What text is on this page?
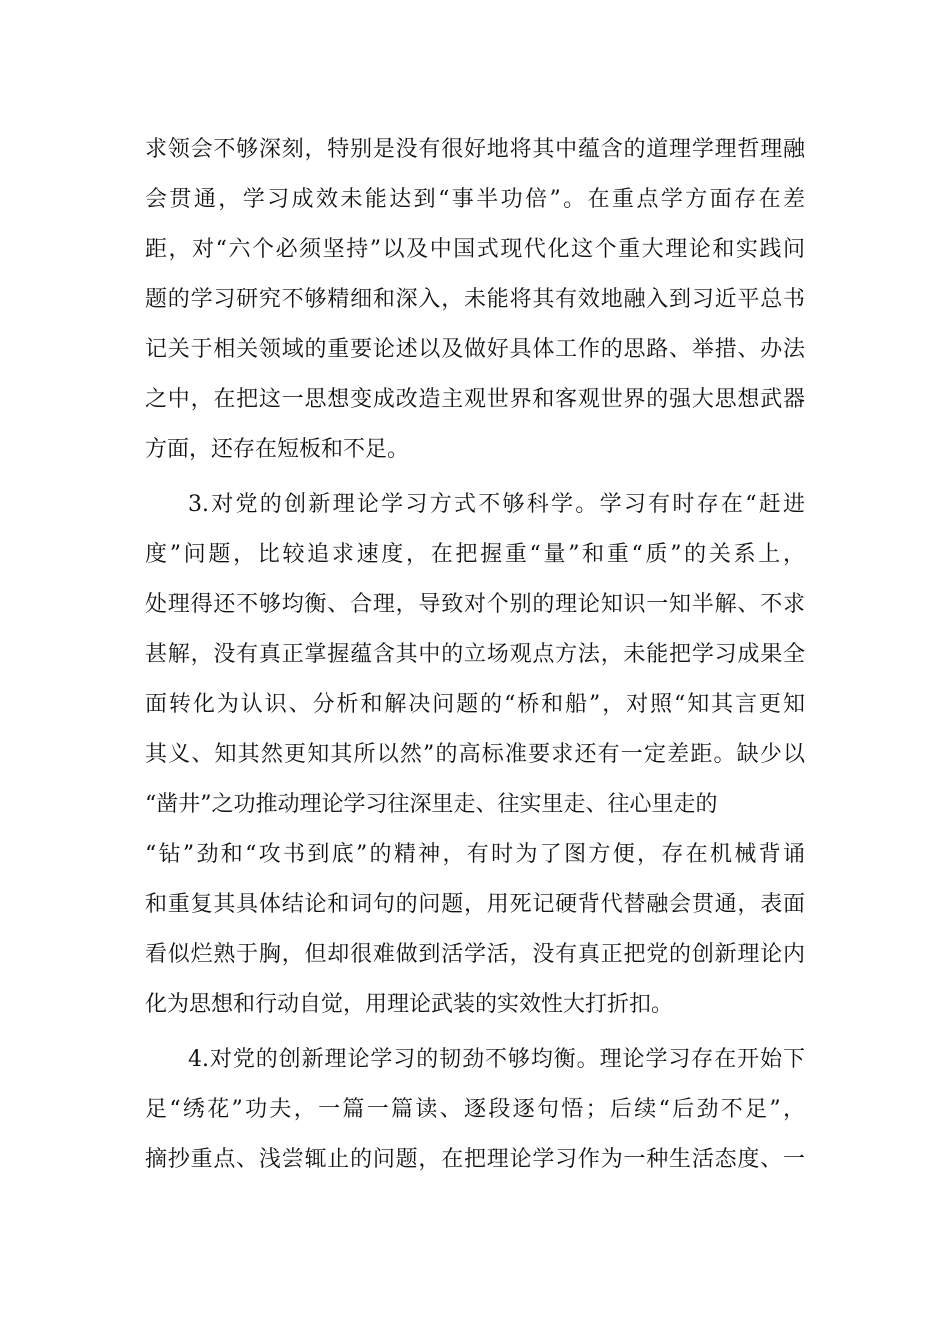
求领会不够深刻，特别是没有很好地将其中蕴含的道理学理哲理融
会贯通，学习成效未能达到“事半功倍”。在重点学方面存在差
距，对“六个必须坚持”以及中国式现代化这个重大理论和实践问
题的学习研究不够精细和深入，未能将其有效地融入到习近平总书
记关于相关领域的重要论述以及做好具体工作的思路、举措、办法
之中，在把这一思想变成改造主观世界和客观世界的强大思想武器
方面，还存在短板和不足。
3.对党的创新理论学习方式不够科学。学习有时存在“赶进
度”问题，比较追求速度，在把握重“量”和重“质”的关系上，
处理得还不够均衡、合理，导致对个别的理论知识一知半解、不求
甚解，没有真正掌握蕴含其中的立场观点方法，未能把学习成果全
面转化为认识、分析和解决问题的“桥和船”，对照“知其言更知
其义、知其然更知其所以然”的高标准要求还有一定差距。缺少以
“凿井”之功推动理论学习往深里走、往实里走、往心里走的
“钻”劲和“攻书到底”的精神，有时为了图方便，存在机械背诵
和重复其具体结论和词句的问题，用死记硬背代替融会贯通，表面
看似烂熟于胸，但却很难做到活学活，没有真正把党的创新理论内
化为思想和行动自觉，用理论武装的实效性大打折扣。
4.对党的创新理论学习的韧劲不够均衡。理论学习存在开始下
足“绣花”功夫，一篇一篇读、逐段逐句悟；后续“后劲不足”，
摘抄重点、浅尝辄止的问题，在把理论学习作为一种生活态度、一
